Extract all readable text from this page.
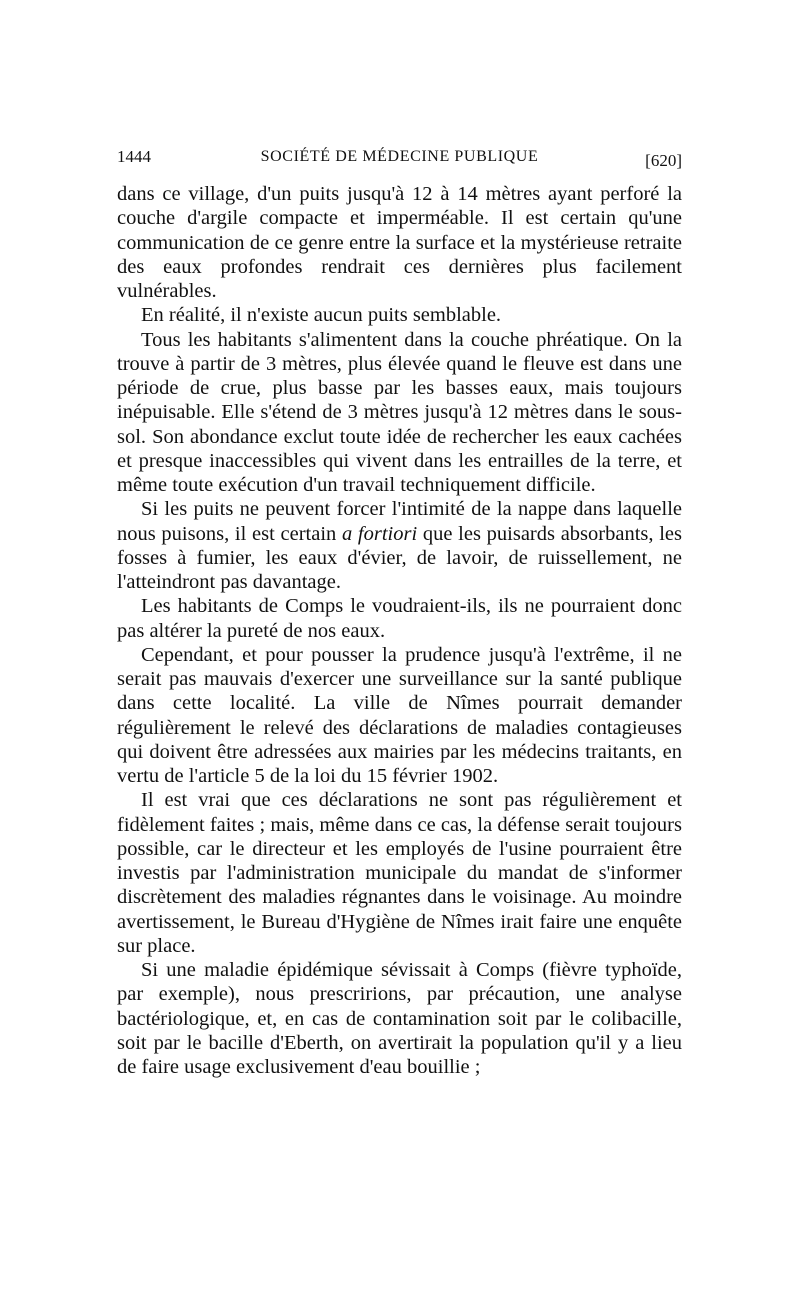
1444	SOCIÉTÉ DE MÉDECINE PUBLIQUE	[620]

dans ce village, d'un puits jusqu'à 12 à 14 mètres ayant perforé la couche d'argile compacte et imperméable. Il est certain qu'une communication de ce genre entre la surface et la mystérieuse retraite des eaux profondes rendrait ces dernières plus facilement vulnérables.

En réalité, il n'existe aucun puits semblable.

Tous les habitants s'alimentent dans la couche phréatique. On la trouve à partir de 3 mètres, plus élevée quand le fleuve est dans une période de crue, plus basse par les basses eaux, mais toujours inépuisable. Elle s'étend de 3 mètres jusqu'à 12 mètres dans le sous-sol. Son abondance exclut toute idée de rechercher les eaux cachées et presque inaccessibles qui vivent dans les entrailles de la terre, et même toute exécution d'un travail techniquement difficile.

Si les puits ne peuvent forcer l'intimité de la nappe dans laquelle nous puisons, il est certain a fortiori que les puisards absorbants, les fosses à fumier, les eaux d'évier, de lavoir, de ruissellement, ne l'atteindront pas davantage.

Les habitants de Comps le voudraient-ils, ils ne pourraient donc pas altérer la pureté de nos eaux.

Cependant, et pour pousser la prudence jusqu'à l'extrême, il ne serait pas mauvais d'exercer une surveillance sur la santé publique dans cette localité. La ville de Nîmes pourrait demander régulièrement le relevé des déclarations de maladies contagieuses qui doivent être adressées aux mairies par les médecins traitants, en vertu de l'article 5 de la loi du 15 février 1902.

Il est vrai que ces déclarations ne sont pas régulièrement et fidèlement faites ; mais, même dans ce cas, la défense serait toujours possible, car le directeur et les employés de l'usine pourraient être investis par l'administration municipale du mandat de s'informer discrètement des maladies régnantes dans le voisinage. Au moindre avertissement, le Bureau d'Hygiène de Nîmes irait faire une enquête sur place.

Si une maladie épidémique sévissait à Comps (fièvre typhoïde, par exemple), nous prescririons, par précaution, une analyse bactériologique, et, en cas de contamination soit par le colibacille, soit par le bacille d'Eberth, on avertirait la population qu'il y a lieu de faire usage exclusivement d'eau bouillie ;
